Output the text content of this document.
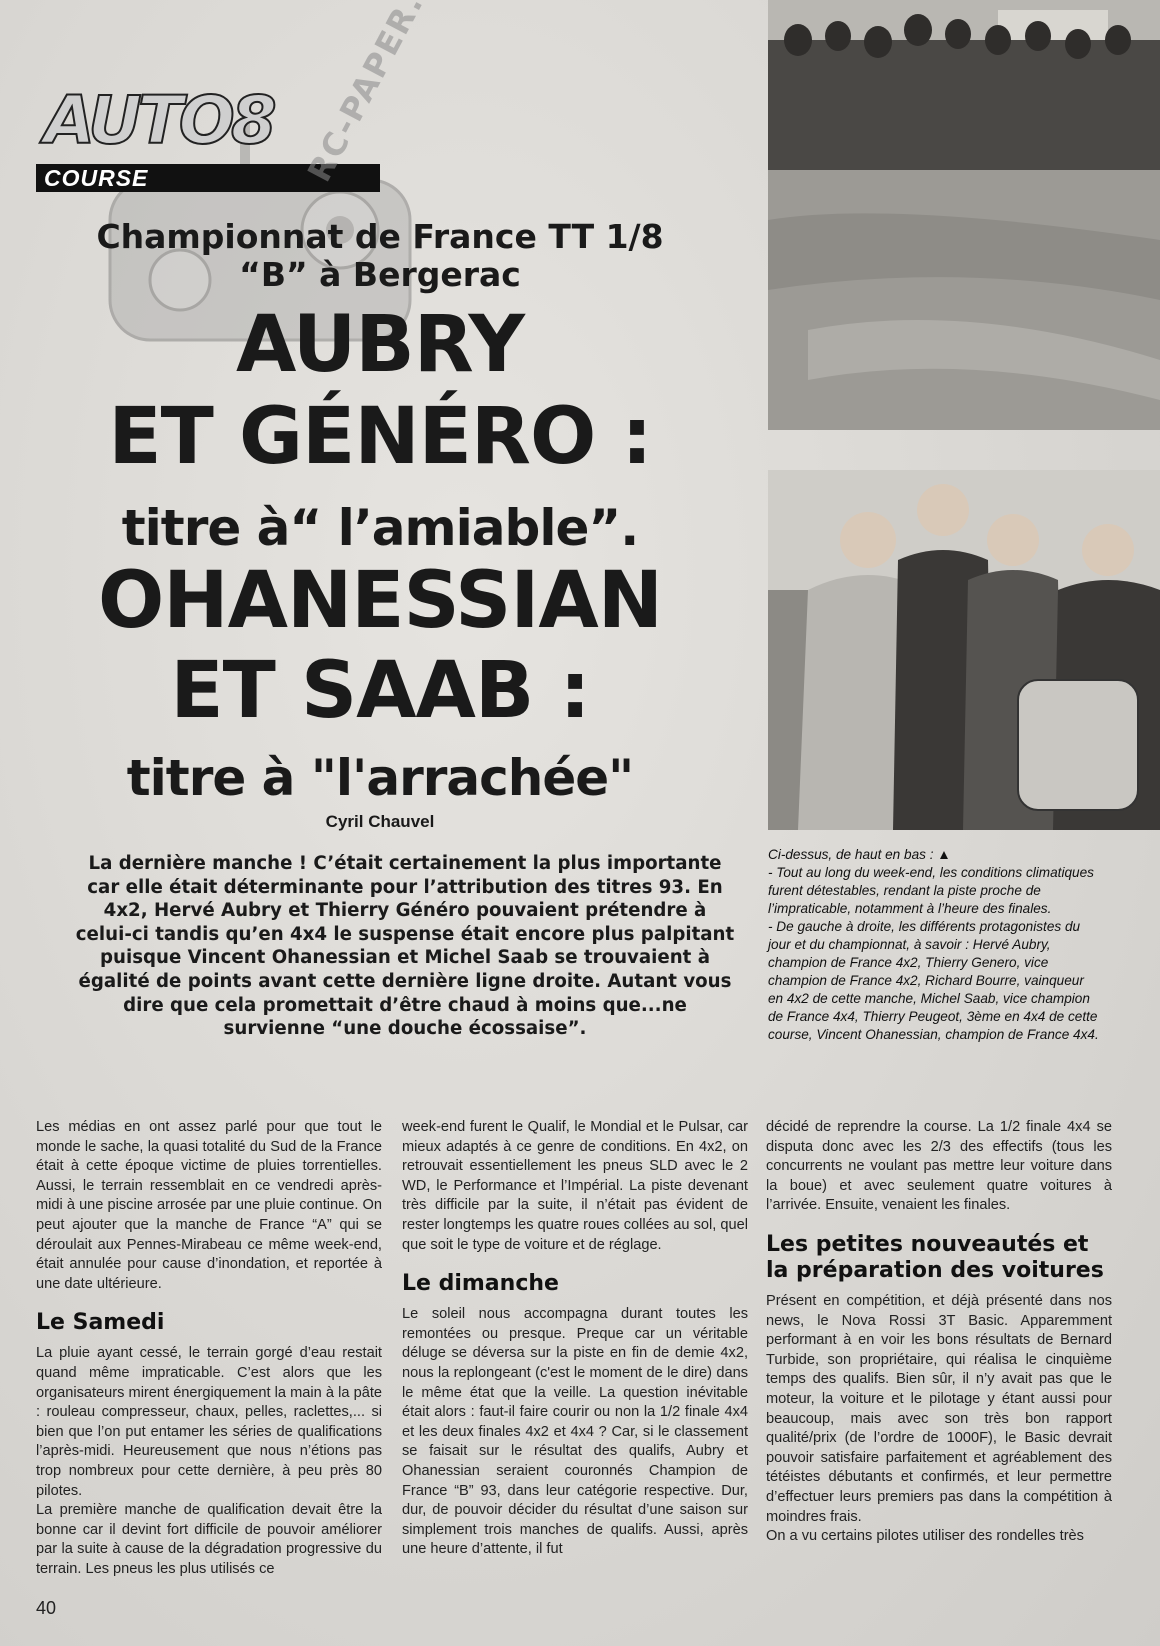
AUTO8
COURSE
Championnat de France TT 1/8
“B” à Bergerac
AUBRY
ET GÉNÉRO :
titre à“ l’amiable”.
OHANESSIAN
ET SAAB :
titre à "l'arrachée"
Cyril Chauvel
La dernière manche ! C’était certainement la plus importante car elle était déterminante pour l’attribution des titres 93. En 4x2, Hervé Aubry et Thierry Généro pouvaient prétendre à celui-ci tandis qu’en 4x4 le suspense était encore plus palpitant puisque Vincent Ohanessian et Michel Saab se trouvaient à égalité de points avant cette dernière ligne droite. Autant vous dire que cela promettait d’être chaud à moins que...ne survienne “une douche écossaise”.
Ci-dessus, de haut en bas : ▲
- Tout au long du week-end, les conditions climatiques furent détestables, rendant la piste proche de l’impraticable, notamment à l’heure des finales.
- De gauche à droite, les différents protagonistes du jour et du championnat, à savoir : Hervé Aubry, champion de France 4x2, Thierry Genero, vice champion de France 4x2, Richard Bourre, vainqueur en 4x2 de cette manche, Michel Saab, vice champion de France 4x4, Thierry Peugeot, 3ème en 4x4 de cette course, Vincent Ohanessian, champion de France 4x4.

Les médias en ont assez parlé pour que tout le monde le sache, la quasi totalité du Sud de la France était à cette époque victime de pluies torrentielles. Aussi, le terrain ressemblait en ce vendredi après-midi à une piscine arrosée par une pluie continue. On peut ajouter que la manche de France “A” qui se déroulait aux Pennes-Mirabeau ce même week-end, était annulée pour cause d’inondation, et reportée à une date ultérieure.

Le Samedi

La pluie ayant cessé, le terrain gorgé d’eau restait quand même impraticable. C’est alors que les organisateurs mirent énergiquement la main à la pâte : rouleau compresseur, chaux, pelles, raclettes,... si bien que l’on put entamer les séries de qualifications l’après-midi. Heureusement que nous n’étions pas trop nombreux pour cette dernière, à peu près 80 pilotes.

La première manche de qualification devait être la bonne car il devint fort difficile de pouvoir améliorer par la suite à cause de la dégradation progressive du terrain. Les pneus les plus utilisés ce

week-end furent le Qualif, le Mondial et le Pulsar, car mieux adaptés à ce genre de conditions. En 4x2, on retrouvait essentiellement les pneus SLD avec le 2 WD, le Performance et l’Impérial. La piste devenant très difficile par la suite, il n’était pas évident de rester longtemps les quatre roues collées au sol, quel que soit le type de voiture et de réglage.

Le dimanche

Le soleil nous accompagna durant toutes les remontées ou presque. Preque car un véritable déluge se déversa sur la piste en fin de demie 4x2, nous la replongeant (c'est le moment de le dire) dans le même état que la veille. La question inévitable était alors : faut-il faire courir ou non la 1/2 finale 4x4 et les deux finales 4x2 et 4x4 ? Car, si le classement se faisait sur le résultat des qualifs, Aubry et Ohanessian seraient couronnés Champion de France “B” 93, dans leur catégorie respective. Dur, dur, de pouvoir décider du résultat d’une saison sur simplement trois manches de qualifs. Aussi, après une heure d’attente, il fut

décidé de reprendre la course. La 1/2 finale 4x4 se disputa donc avec les 2/3 des effectifs (tous les concurrents ne voulant pas mettre leur voiture dans la boue) et avec seulement quatre voitures à l’arrivée. Ensuite, venaient les finales.

Les petites nouveautés et la préparation des voitures

Présent en compétition, et déjà présenté dans nos news, le Nova Rossi 3T Basic. Apparemment performant à en voir les bons résultats de Bernard Turbide, son propriétaire, qui réalisa le cinquième temps des qualifs. Bien sûr, il n’y avait pas que le moteur, la voiture et le pilotage y étant aussi pour beaucoup, mais avec son très bon rapport qualité/prix (de l’ordre de 1000F), le Basic devrait pouvoir satisfaire parfaitement et agréablement des tétéistes débutants et confirmés, et leur permettre d’effectuer leurs premiers pas dans la compétition à moindres frais.

On a vu certains pilotes utiliser des rondelles très

40
